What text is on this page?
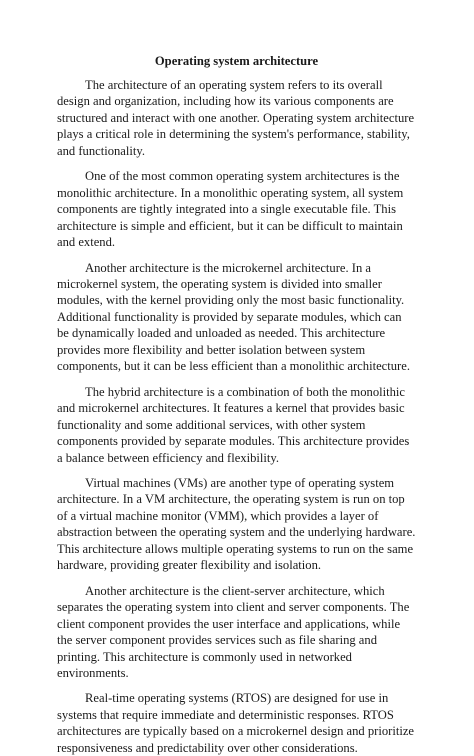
Operating system architecture

The architecture of an operating system refers to its overall design and organization, including how its various components are structured and interact with one another. Operating system architecture plays a critical role in determining the system's performance, stability, and functionality.

One of the most common operating system architectures is the monolithic architecture. In a monolithic operating system, all system components are tightly integrated into a single executable file. This architecture is simple and efficient, but it can be difficult to maintain and extend.

Another architecture is the microkernel architecture. In a microkernel system, the operating system is divided into smaller modules, with the kernel providing only the most basic functionality. Additional functionality is provided by separate modules, which can be dynamically loaded and unloaded as needed. This architecture provides more flexibility and better isolation between system components, but it can be less efficient than a monolithic architecture.

The hybrid architecture is a combination of both the monolithic and microkernel architectures. It features a kernel that provides basic functionality and some additional services, with other system components provided by separate modules. This architecture provides a balance between efficiency and flexibility.

Virtual machines (VMs) are another type of operating system architecture. In a VM architecture, the operating system is run on top of a virtual machine monitor (VMM), which provides a layer of abstraction between the operating system and the underlying hardware. This architecture allows multiple operating systems to run on the same hardware, providing greater flexibility and isolation.

Another architecture is the client-server architecture, which separates the operating system into client and server components. The client component provides the user interface and applications, while the server component provides services such as file sharing and printing. This architecture is commonly used in networked environments.

Real-time operating systems (RTOS) are designed for use in systems that require immediate and deterministic responses. RTOS architectures are typically based on a microkernel design and prioritize responsiveness and predictability over other considerations.
